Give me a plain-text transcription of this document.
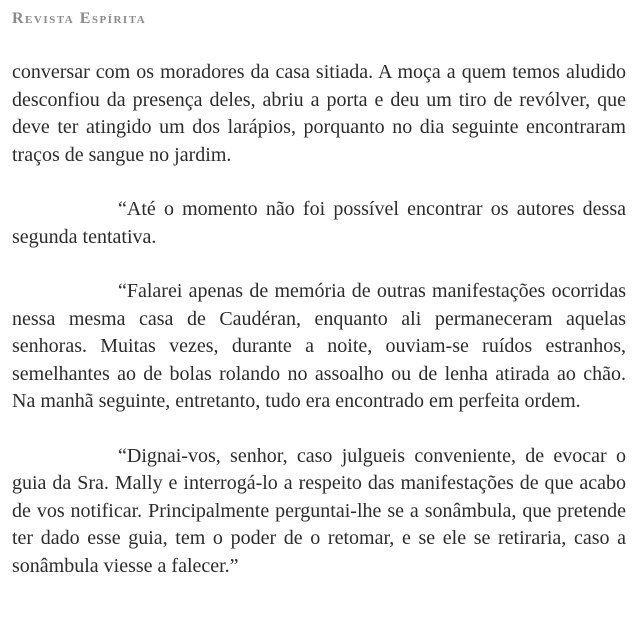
Revista Espírita

conversar com os moradores da casa sitiada. A moça a quem temos aludido desconfiou da presença deles, abriu a porta e deu um tiro de revólver, que deve ter atingido um dos larápios, porquanto no dia seguinte encontraram traços de sangue no jardim.

“Até o momento não foi possível encontrar os autores dessa segunda tentativa.

“Falarei apenas de memória de outras manifestações ocorridas nessa mesma casa de Caudéran, enquanto ali permaneceram aquelas senhoras. Muitas vezes, durante a noite, ouviam-se ruídos estranhos, semelhantes ao de bolas rolando no assoalho ou de lenha atirada ao chão. Na manhã seguinte, entretanto, tudo era encontrado em perfeita ordem.

“Dignai-vos, senhor, caso julgueis conveniente, de evocar o guia da Sra. Mally e interrogá-lo a respeito das manifestações de que acabo de vos notificar. Principalmente perguntai-lhe se a sonâmbula, que pretende ter dado esse guia, tem o poder de o retomar, e se ele se retiraria, caso a sonâmbula viesse a falecer.”
